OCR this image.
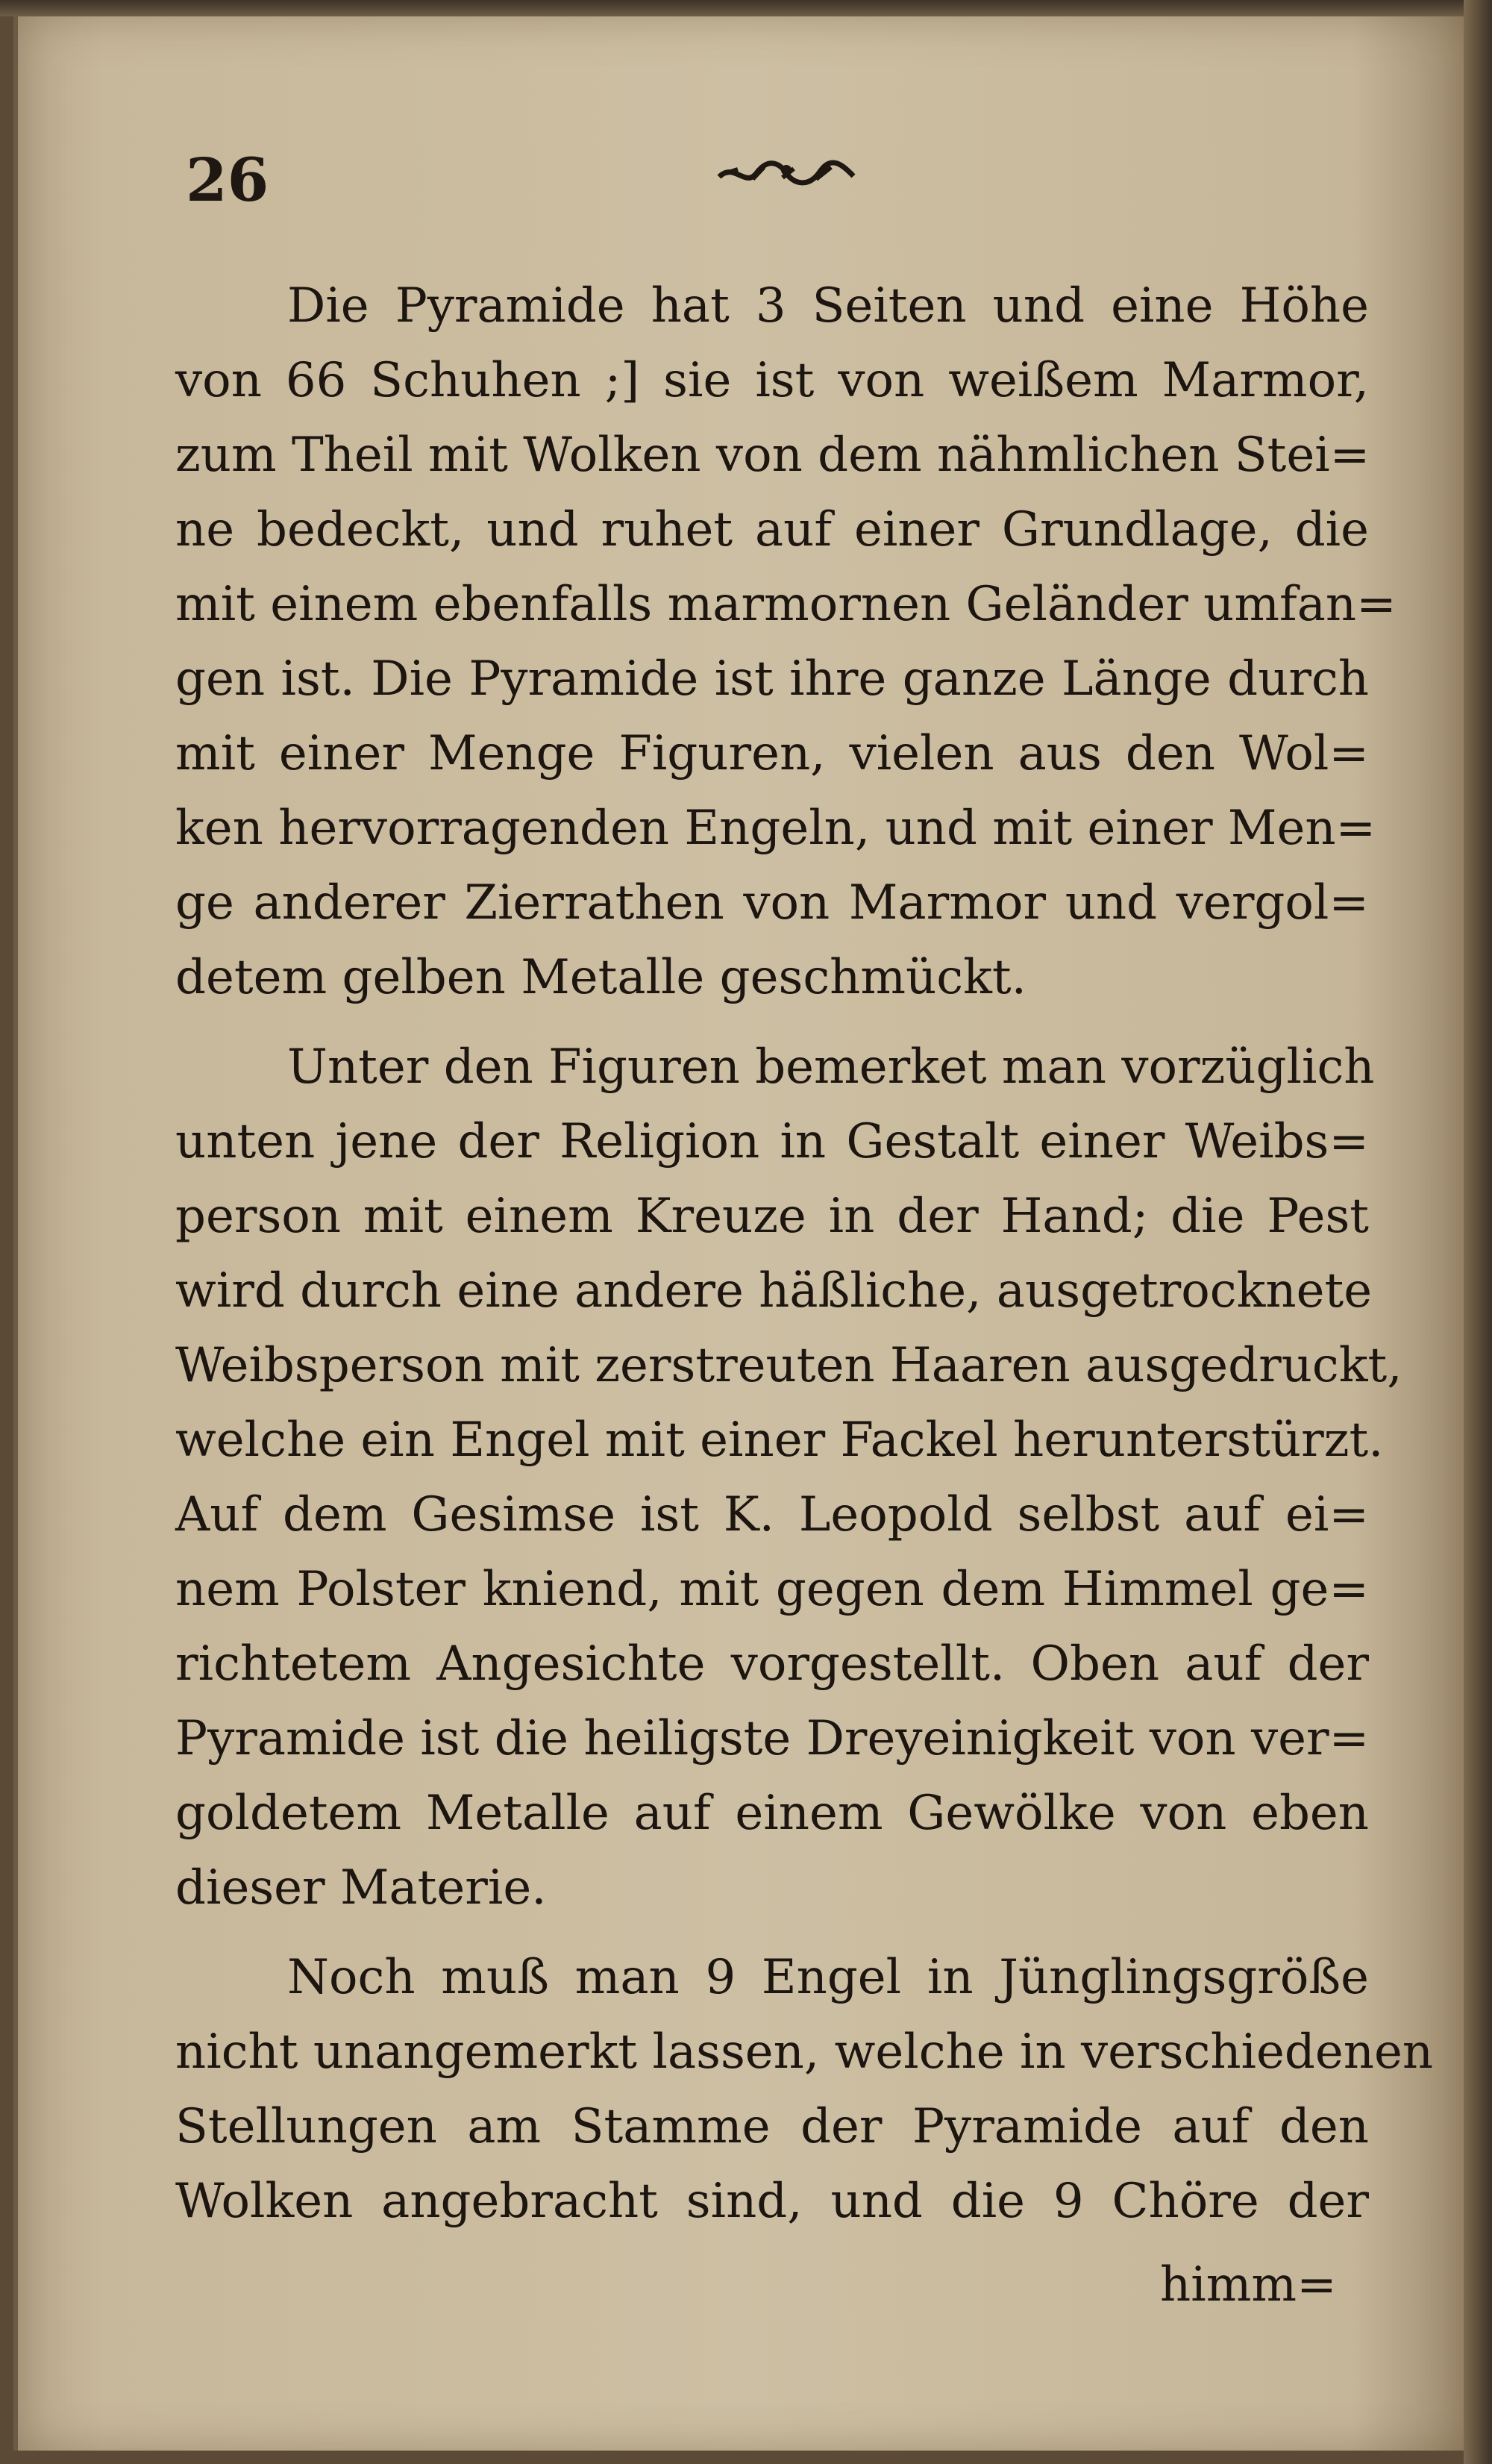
26
Die Pyramide hat 3 Seiten und eine Höhe
von 66 Schuhen ;] sie ist von weißem Marmor,
zum Theil mit Wolken von dem nähmlichen Stei=
ne bedeckt, und ruhet auf einer Grundlage, die
mit einem ebenfalls marmornen Geländer umfan=
gen ist. Die Pyramide ist ihre ganze Länge durch
mit einer Menge Figuren, vielen aus den Wol=
ken hervorragenden Engeln, und mit einer Men=
ge anderer Zierrathen von Marmor und vergol=
detem gelben Metalle geschmückt.
Unter den Figuren bemerket man vorzüglich
unten jene der Religion in Gestalt einer Weibs=
person mit einem Kreuze in der Hand; die Pest
wird durch eine andere häßliche, ausgetrocknete
Weibsperson mit zerstreuten Haaren ausgedruckt,
welche ein Engel mit einer Fackel herunterstürzt.
Auf dem Gesimse ist K. Leopold selbst auf ei=
nem Polster kniend, mit gegen dem Himmel ge=
richtetem Angesichte vorgestellt. Oben auf der
Pyramide ist die heiligste Dreyeinigkeit von ver=
goldetem Metalle auf einem Gewölke von eben
dieser Materie.
Noch muß man 9 Engel in Jünglingsgröße
nicht unangemerkt lassen, welche in verschiedenen
Stellungen am Stamme der Pyramide auf den
Wolken angebracht sind, und die 9 Chöre der
himm=
